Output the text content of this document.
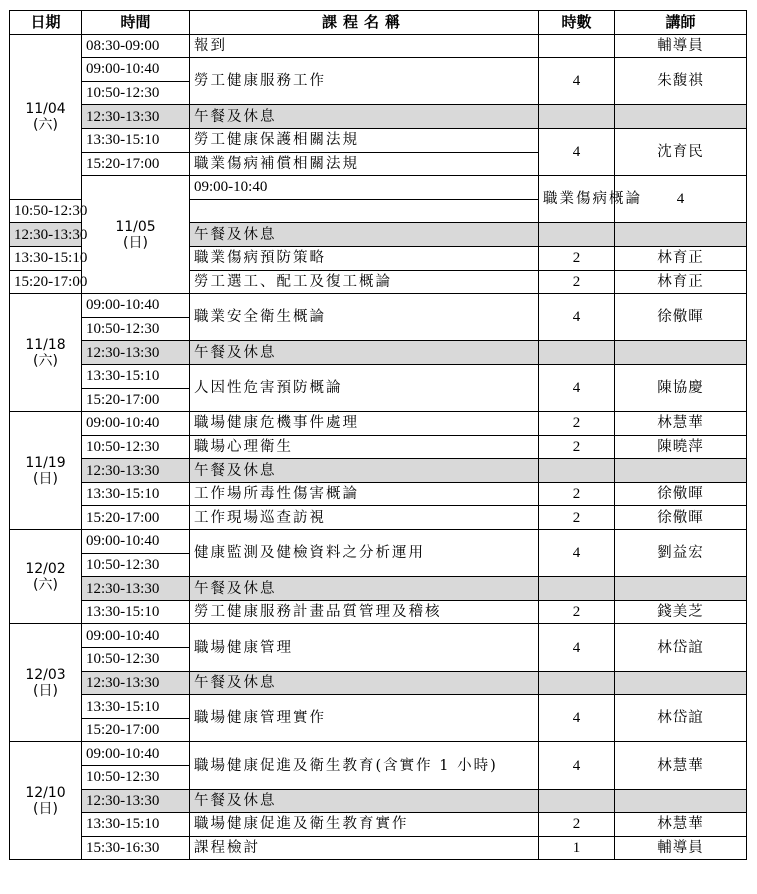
日期	時間	課程名稱	時數	講師	

11/04
(六)	08:30-09:00	報到		輔導員	
	09:00-10:40	勞工健康服務工作	4	朱馥祺	
	10:50-12:30				
	12:30-13:30	午餐及休息			
	13:30-15:10	勞工健康保護相關法規	4	沈育民	
	15:20-17:00	職業傷病補償相關法規			

	11/05
(日)	09:00-10:40	職業傷病概論	4	
10:50-12:30					
12:30-13:30		午餐及休息			
13:30-15:10		職業傷病預防策略	2	林育正	
15:20-17:00		勞工選工、配工及復工概論	2	林育正	

11/18
(六)	09:00-10:40	職業安全衛生概論	4	徐儆暉	
	10:50-12:30				
	12:30-13:30	午餐及休息			
	13:30-15:10	人因性危害預防概論	4	陳協慶	
	15:20-17:00				

11/19
(日)	09:00-10:40	職場健康危機事件處理	2	林慧華	
	10:50-12:30	職場心理衛生	2	陳曉萍	
	12:30-13:30	午餐及休息			
	13:30-15:10	工作場所毒性傷害概論	2	徐儆暉	
	15:20-17:00	工作現場巡查訪視	2	徐儆暉	

12/02
(六)	09:00-10:40	健康監測及健檢資料之分析運用	4	劉益宏	
	10:50-12:30				
	12:30-13:30	午餐及休息			
	13:30-15:10	勞工健康服務計畫品質管理及稽核	2	錢美芝	

12/03
(日)	09:00-10:40	職場健康管理	4	林岱誼	
	10:50-12:30				
	12:30-13:30	午餐及休息			
	13:30-15:10	職場健康管理實作	4	林岱誼	
	15:20-17:00				

12/10
(日)	09:00-10:40	職場健康促進及衛生教育(含實作 1 小時)	4	林慧華	
	10:50-12:30				
	12:30-13:30	午餐及休息			
	13:30-15:10	職場健康促進及衛生教育實作	2	林慧華	
	15:30-16:30	課程檢討	1	輔導員	
